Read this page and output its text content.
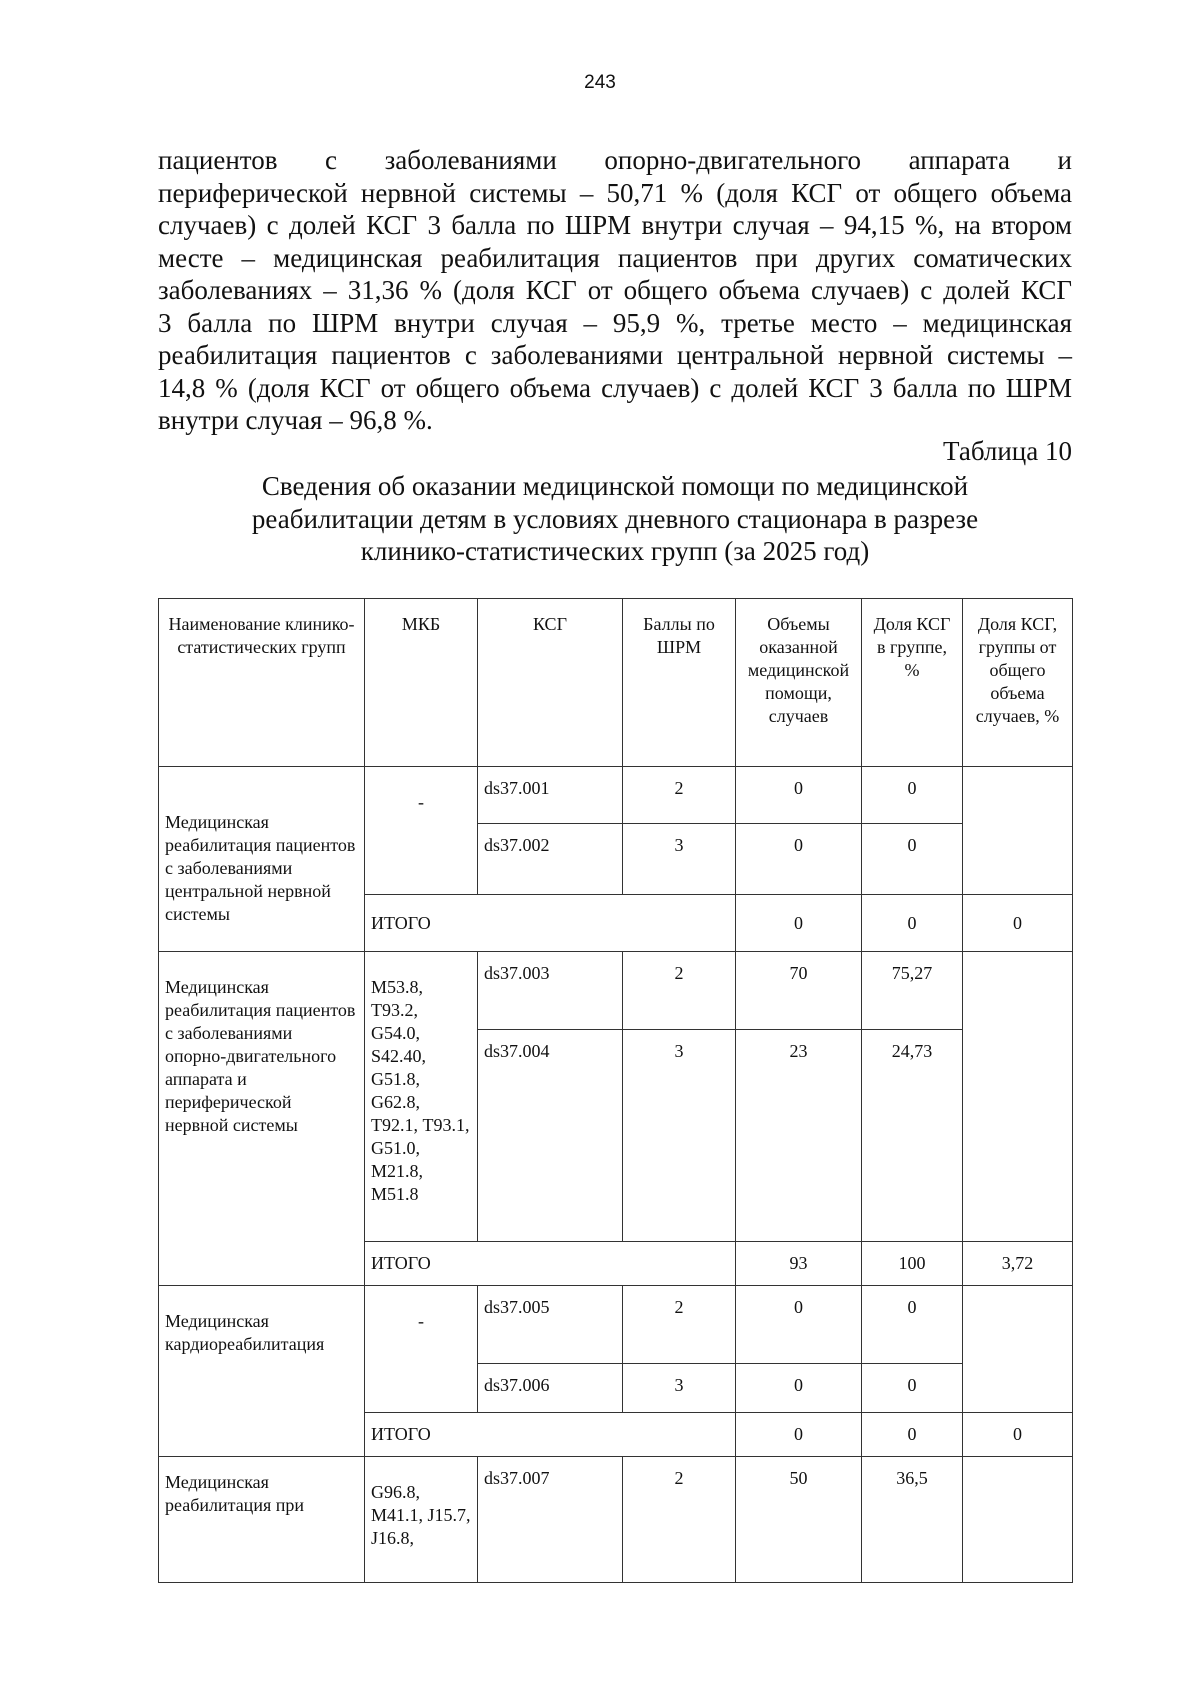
243
пациентов с заболеваниями опорно-двигательного аппарата и
периферической нервной системы – 50,71 % (доля КСГ от общего объема
случаев) с долей КСГ 3 балла по ШРМ внутри случая – 94,15 %, на втором
месте – медицинская реабилитация пациентов при других соматических
заболеваниях – 31,36 % (доля КСГ от общего объема случаев) с долей КСГ
3 балла по ШРМ внутри случая – 95,9 %, третье место – медицинская
реабилитация пациентов с заболеваниями центральной нервной системы –
14,8 % (доля КСГ от общего объема случаев) с долей КСГ 3 балла по ШРМ
внутри случая – 96,8 %.
Таблица 10
Сведения об оказании медицинской помощи по медицинской
реабилитации детям в условиях дневного стационара в разрезе
клинико-статистических групп (за 2025 год)
Наименование клинико-статистических групп	МКБ	КСГ	Баллы по ШРМ	Объемы оказанной медицинской помощи, случаев	Доля КСГ в группе, %	Доля КСГ, группы от общего объема случаев, %
Медицинская реабилитация пациентов с заболеваниями центральной нервной системы	-	ds37.001	2	0	0	
		ds37.002	3	0	0	
	ИТОГО			0	0	0
Медицинская реабилитация пациентов с заболеваниями опорно-двигательного аппарата и периферической нервной системы	М53.8, Т93.2, G54.0, S42.40, G51.8, G62.8, Т92.1, Т93.1, G51.0, М21.8, М51.8	ds37.003	2	70	75,27	
		ds37.004	3	23	24,73	
	ИТОГО			93	100	3,72
Медицинская кардиореабилитация	-	ds37.005	2	0	0	
		ds37.006	3	0	0	
	ИТОГО			0	0	0
Медицинская реабилитация при	G96.8, М41.1, J15.7, J16.8,	ds37.007	2	50	36,5	
